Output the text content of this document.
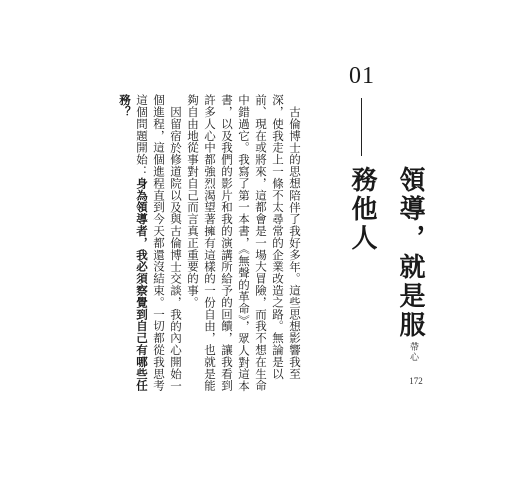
01
領導，就是服務他人

古倫博士的思想陪伴了我好多年。這些思想影響我至深，使我走上一條不太尋常的企業改造之路。無論是以前、現在或將來，這都會是一場大冒險，而我不想在生命中錯過它。我寫了第一本書，《無聲的革命》，眾人對這本書，以及我們的影片和我的演講所給予的回饋，讓我看到許多人心中都強烈渴望著擁有這樣的一份自由，也就是能夠自由地從事對自己而言真正重要的事。

因留宿於修道院以及與古倫博士交談，我的內心開始一個進程，這個進程直到今天都還沒結束。一切都從我思考這個問題開始：身為領導者，我必須察覺到自己有哪些任務？

帶心
172
